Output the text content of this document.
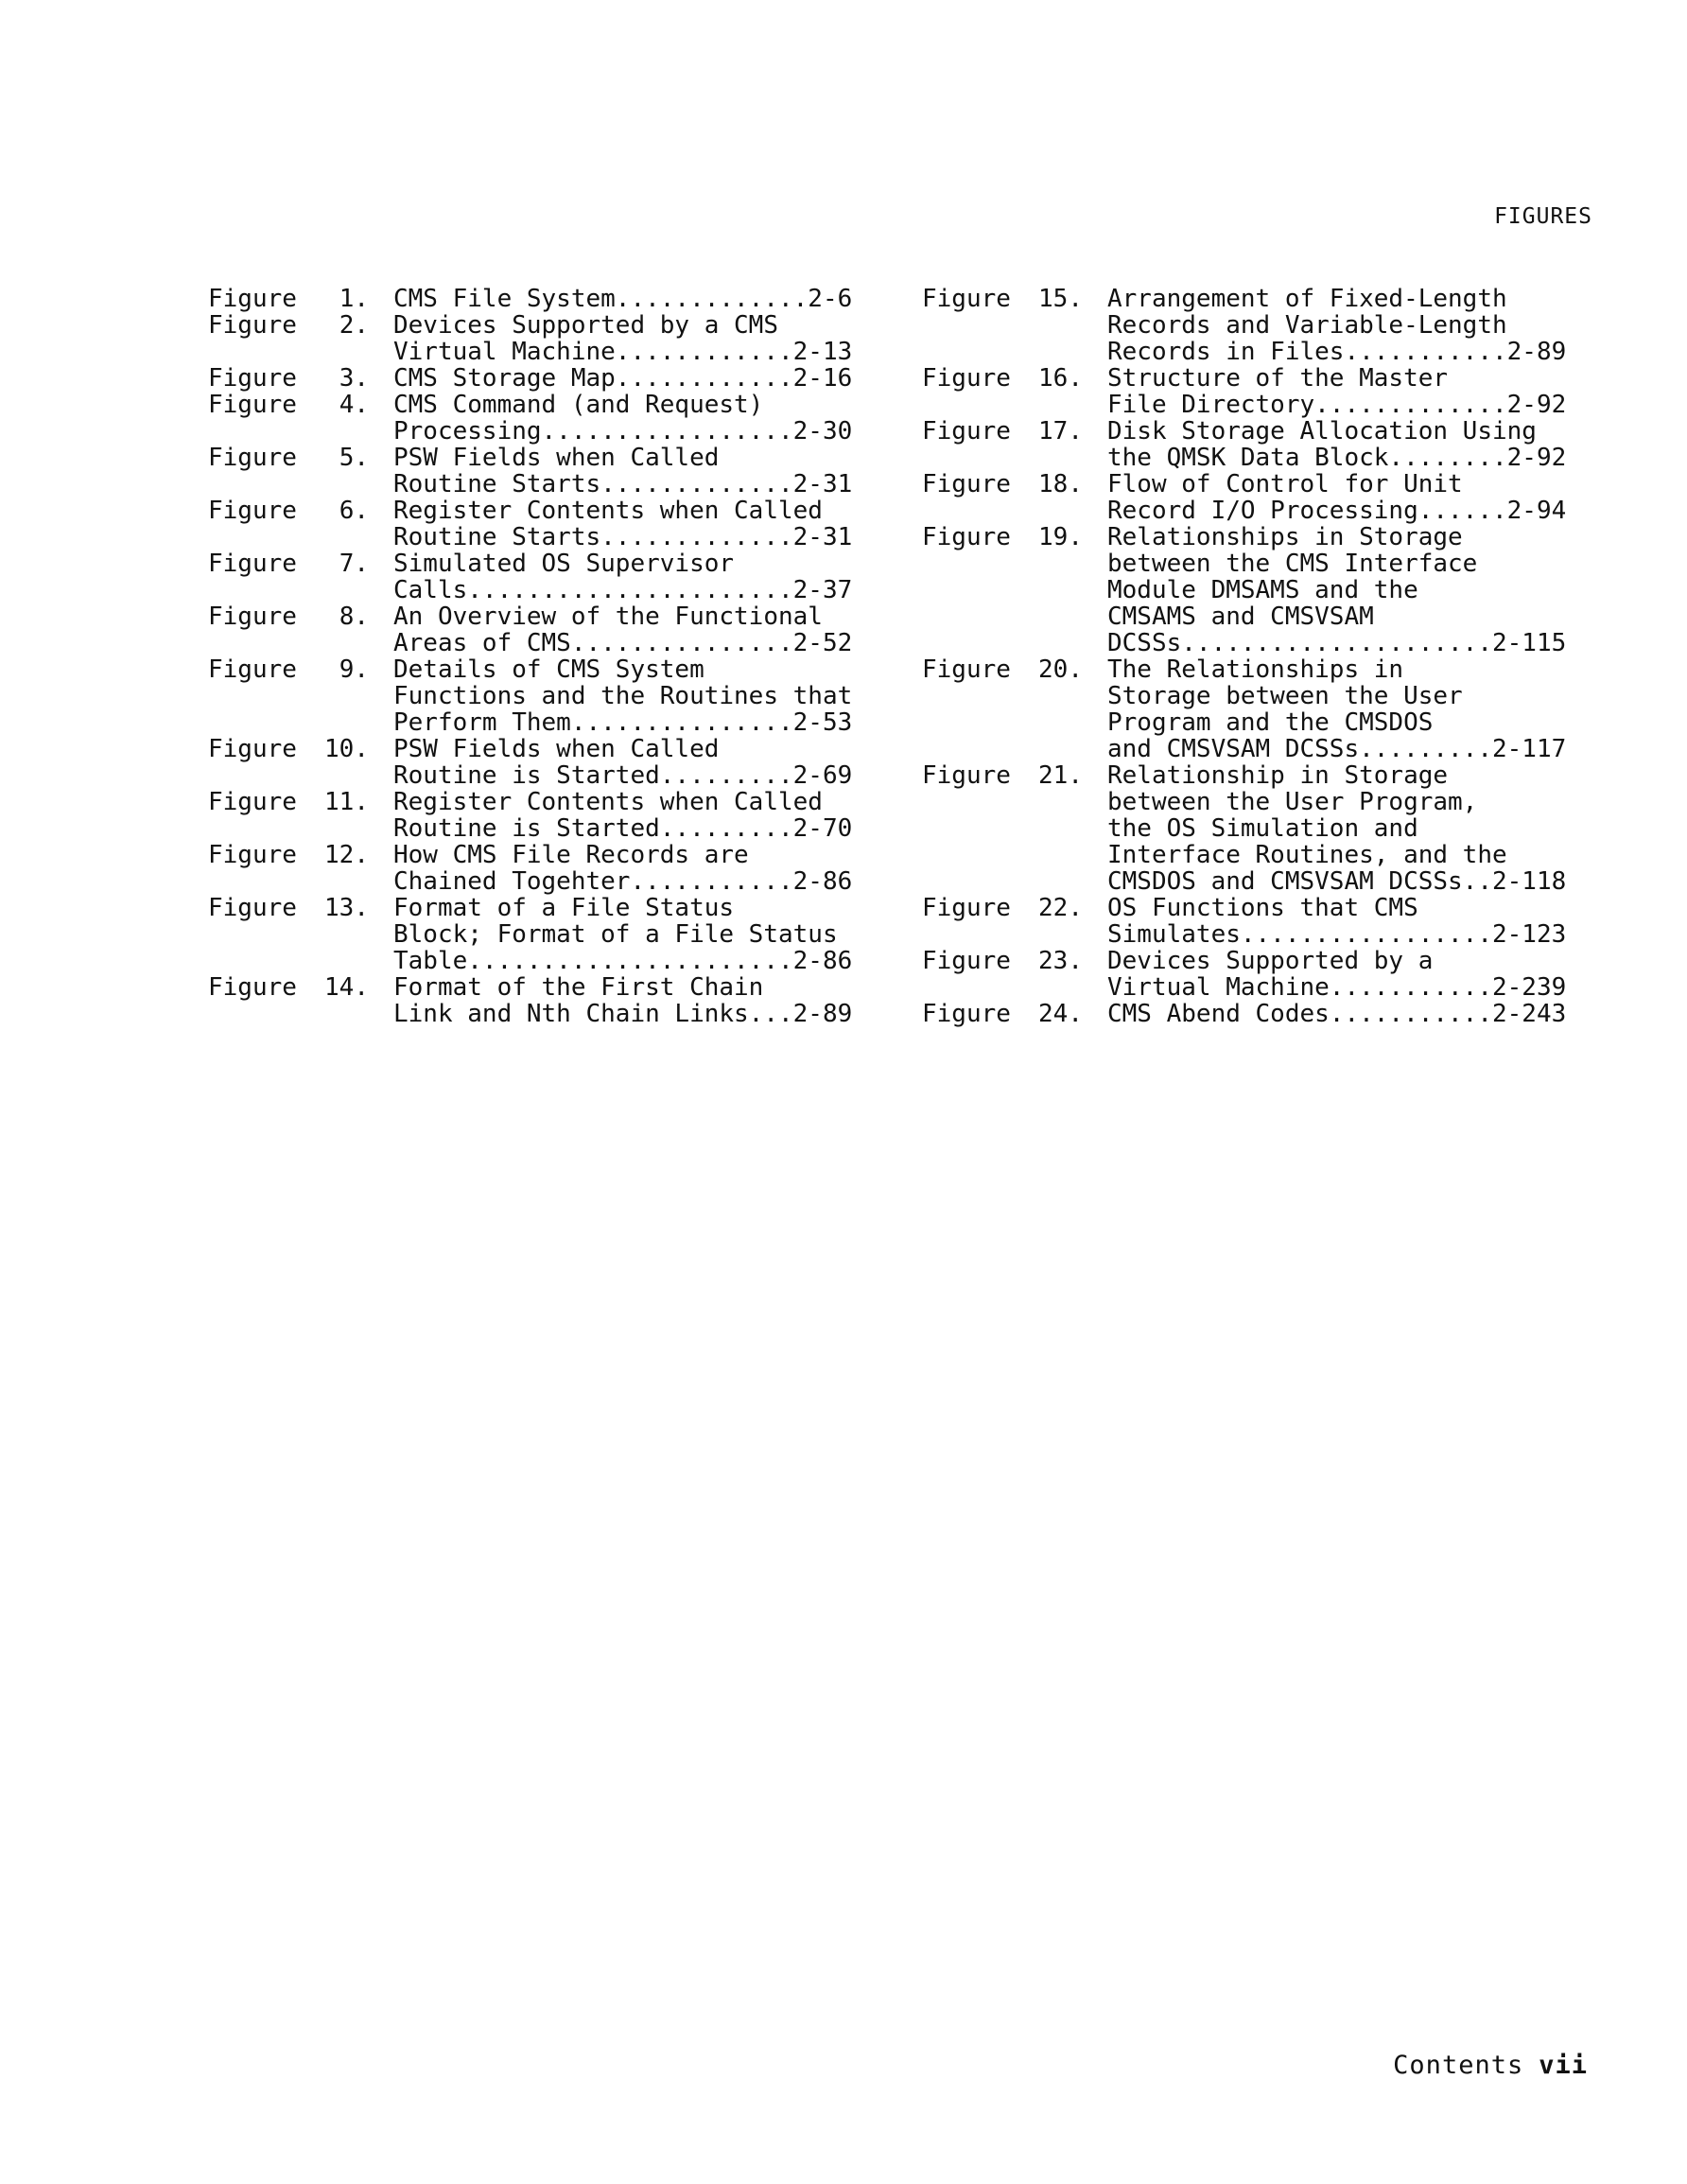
FIGURES
Figure	1.	CMS File System.............2-6
Figure	2.	Devices Supported by a CMS
Virtual Machine............2-13
Figure	3.	CMS Storage Map............2-16
Figure	4.	CMS Command (and Request)
Processing.................2-30
Figure	5.	PSW Fields when Called
Routine Starts.............2-31
Figure	6.	Register Contents when Called
Routine Starts.............2-31
Figure	7.	Simulated OS Supervisor
Calls......................2-37
Figure	8.	An Overview of the Functional
Areas of CMS...............2-52
Figure	9.	Details of CMS System
Functions and the Routines that
Perform Them...............2-53
Figure	10.	PSW Fields when Called
Routine is Started.........2-69
Figure	11.	Register Contents when Called
Routine is Started.........2-70
Figure	12.	How CMS File Records are
Chained Togehter...........2-86
Figure	13.	Format of a File Status
Block; Format of a File Status
Table......................2-86
Figure	14.	Format of the First Chain
Link and Nth Chain Links...2-89
Figure	15.	Arrangement of Fixed-Length
Records and Variable-Length
Records in Files...........2-89
Figure	16.	Structure of the Master
File Directory.............2-92
Figure	17.	Disk Storage Allocation Using
the QMSK Data Block........2-92
Figure	18.	Flow of Control for Unit
Record I/O Processing......2-94
Figure	19.	Relationships in Storage
between the CMS Interface
Module DMSAMS and the
CMSAMS and CMSVSAM
DCSSs.....................2-115
Figure	20.	The Relationships in
Storage between the User
Program and the CMSDOS
and CMSVSAM DCSSs.........2-117
Figure	21.	Relationship in Storage
between the User Program,
the OS Simulation and
Interface Routines, and the
CMSDOS and CMSVSAM DCSSs..2-118
Figure	22.	OS Functions that CMS
Simulates.................2-123
Figure	23.	Devices Supported by a
Virtual Machine...........2-239
Figure	24.	CMS Abend Codes...........2-243
Contents vii
